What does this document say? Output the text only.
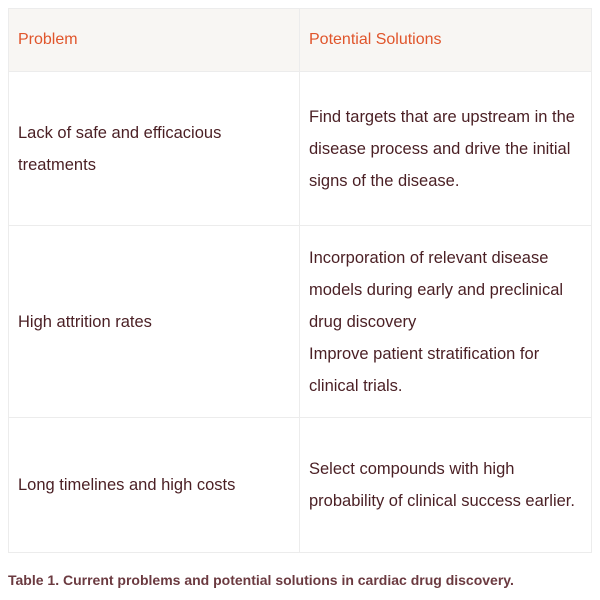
Problem	Potential Solutions
Lack of safe and efficacious treatments	Find targets that are upstream in the disease process and drive the initial signs of the disease.

High attrition rates	Incorporation of relevant disease models during early and preclinical drug discovery
Improve patient stratification for clinical trials.

Long timelines and high costs	Select compounds with high probability of clinical success earlier.
Table 1. Current problems and potential solutions in cardiac drug discovery.
